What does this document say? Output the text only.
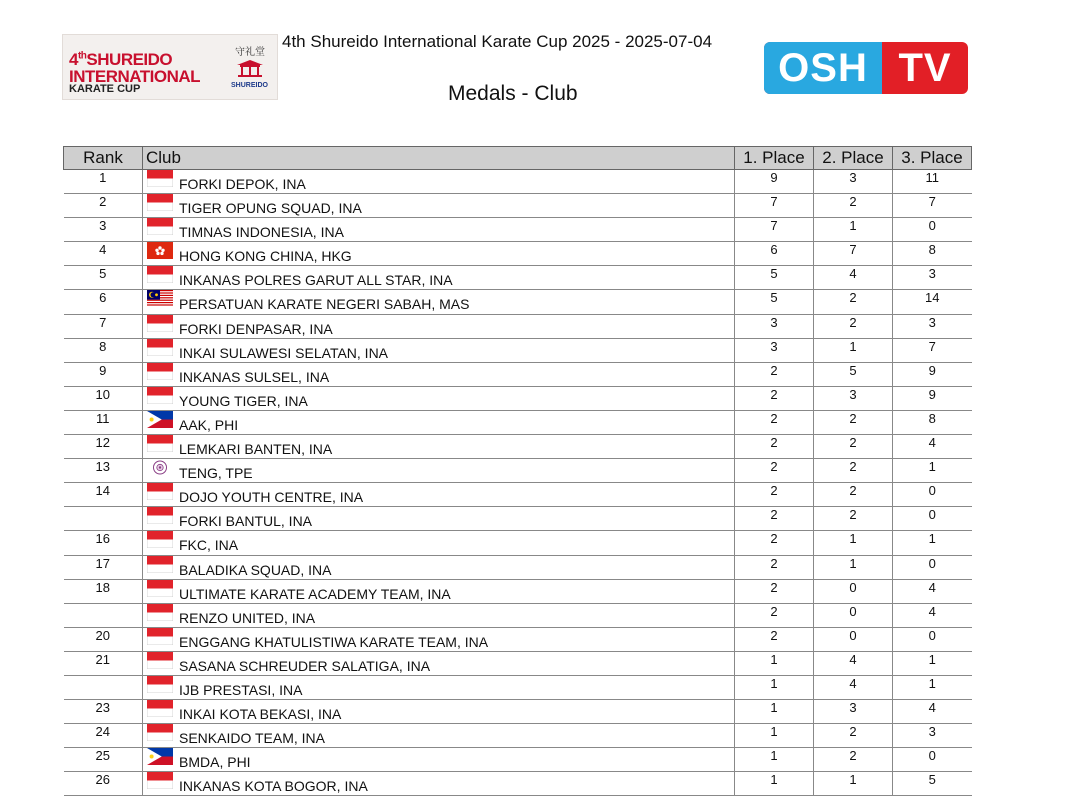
4thSHUREIDO
INTERNATIONAL
KARATE CUP
守礼堂
SHUREIDO
4th Shureido International Karate Cup 2025 - 2025-07-04
Medals - Club
OSH TV
Rank	Club	1. Place	2. Place	3. Place
1	FORKI DEPOK, INA	9	3	11
2	TIGER OPUNG SQUAD, INA	7	2	7
3	TIMNAS INDONESIA, INA	7	1	0
4	HONG KONG CHINA, HKG	6	7	8
5	INKANAS POLRES GARUT ALL STAR, INA	5	4	3
6	PERSATUAN KARATE NEGERI SABAH, MAS	5	2	14
7	FORKI DENPASAR, INA	3	2	3
8	INKAI SULAWESI SELATAN, INA	3	1	7
9	INKANAS SULSEL, INA	2	5	9
10	YOUNG TIGER, INA	2	3	9
11	AAK, PHI	2	2	8
12	LEMKARI BANTEN, INA	2	2	4
13	TENG, TPE	2	2	1
14	DOJO YOUTH CENTRE, INA	2	2	0
	FORKI BANTUL, INA	2	2	0
16	FKC, INA	2	1	1
17	BALADIKA SQUAD, INA	2	1	0
18	ULTIMATE KARATE ACADEMY TEAM, INA	2	0	4
	RENZO UNITED, INA	2	0	4
20	ENGGANG KHATULISTIWA KARATE TEAM, INA	2	0	0
21	SASANA SCHREUDER SALATIGA, INA	1	4	1
	IJB PRESTASI, INA	1	4	1
23	INKAI KOTA BEKASI, INA	1	3	4
24	SENKAIDO TEAM, INA	1	2	3
25	BMDA, PHI	1	2	0
26	INKANAS KOTA BOGOR, INA	1	1	5
